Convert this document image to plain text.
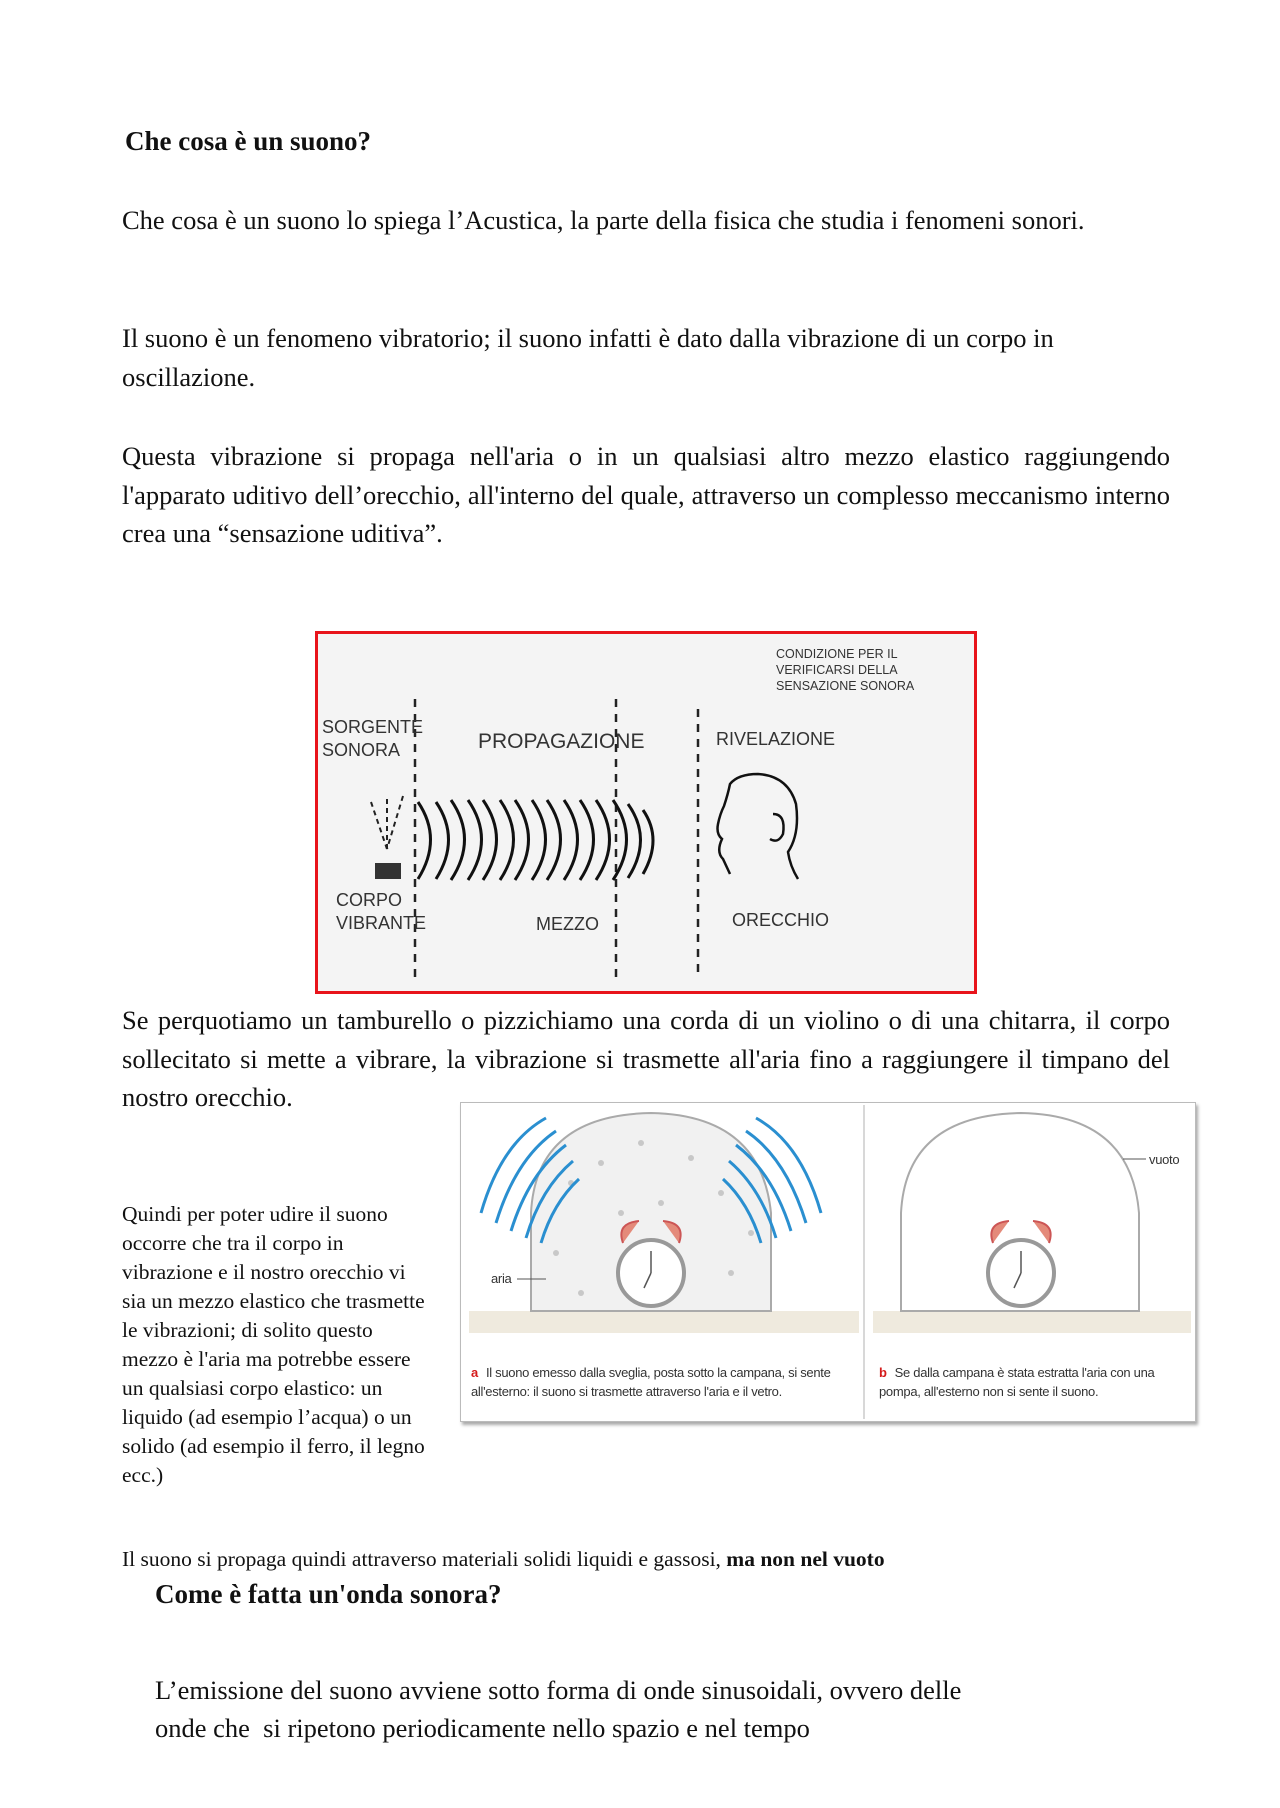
Che cosa è un suono?
Che cosa è un suono lo spiega l’Acustica, la parte della fisica che studia i fenomeni sonori.
Il suono è un fenomeno vibratorio; il suono infatti è dato dalla vibrazione di un corpo in oscillazione.
Questa vibrazione si propaga nell'aria o in un qualsiasi altro mezzo elastico raggiungendo l'apparato uditivo dell’orecchio, all'interno del quale, attraverso un complesso meccanismo interno crea una “sensazione uditiva”.
CONDIZIONE PER IL
VERIFICARSI DELLA
SENSAZIONE SONORA
SORGENTE
SONORA	PROPAGAZIONE	RIVELAZIONE
CORPO
VIBRANTE	MEZZO	ORECCHIO
Se perquotiamo un tamburello o pizzichiamo una corda di un violino o di una chitarra, il corpo sollecitato si mette a vibrare, la vibrazione si trasmette all'aria fino a raggiungere il timpano del nostro orecchio.
Quindi per poter udire il suono occorre che tra il corpo in vibrazione e il nostro orecchio vi sia un mezzo elastico che trasmette le vibrazioni; di solito questo mezzo è l'aria ma potrebbe essere un qualsiasi corpo elastico: un liquido (ad esempio l’acqua) o un solido (ad esempio il ferro, il legno ecc.)
aria
vuoto
a Il suono emesso dalla sveglia, posta sotto la campana, si sente all'esterno: il suono si trasmette attraverso l'aria e il vetro.
b Se dalla campana è stata estratta l'aria con una pompa, all'esterno non si sente il suono.
Il suono si propaga quindi attraverso materiali solidi liquidi e gassosi, ma non nel vuoto
Come è fatta un'onda sonora?
L’emissione del suono avviene sotto forma di onde sinusoidali, ovvero delle
onde che  si ripetono periodicamente nello spazio e nel tempo
